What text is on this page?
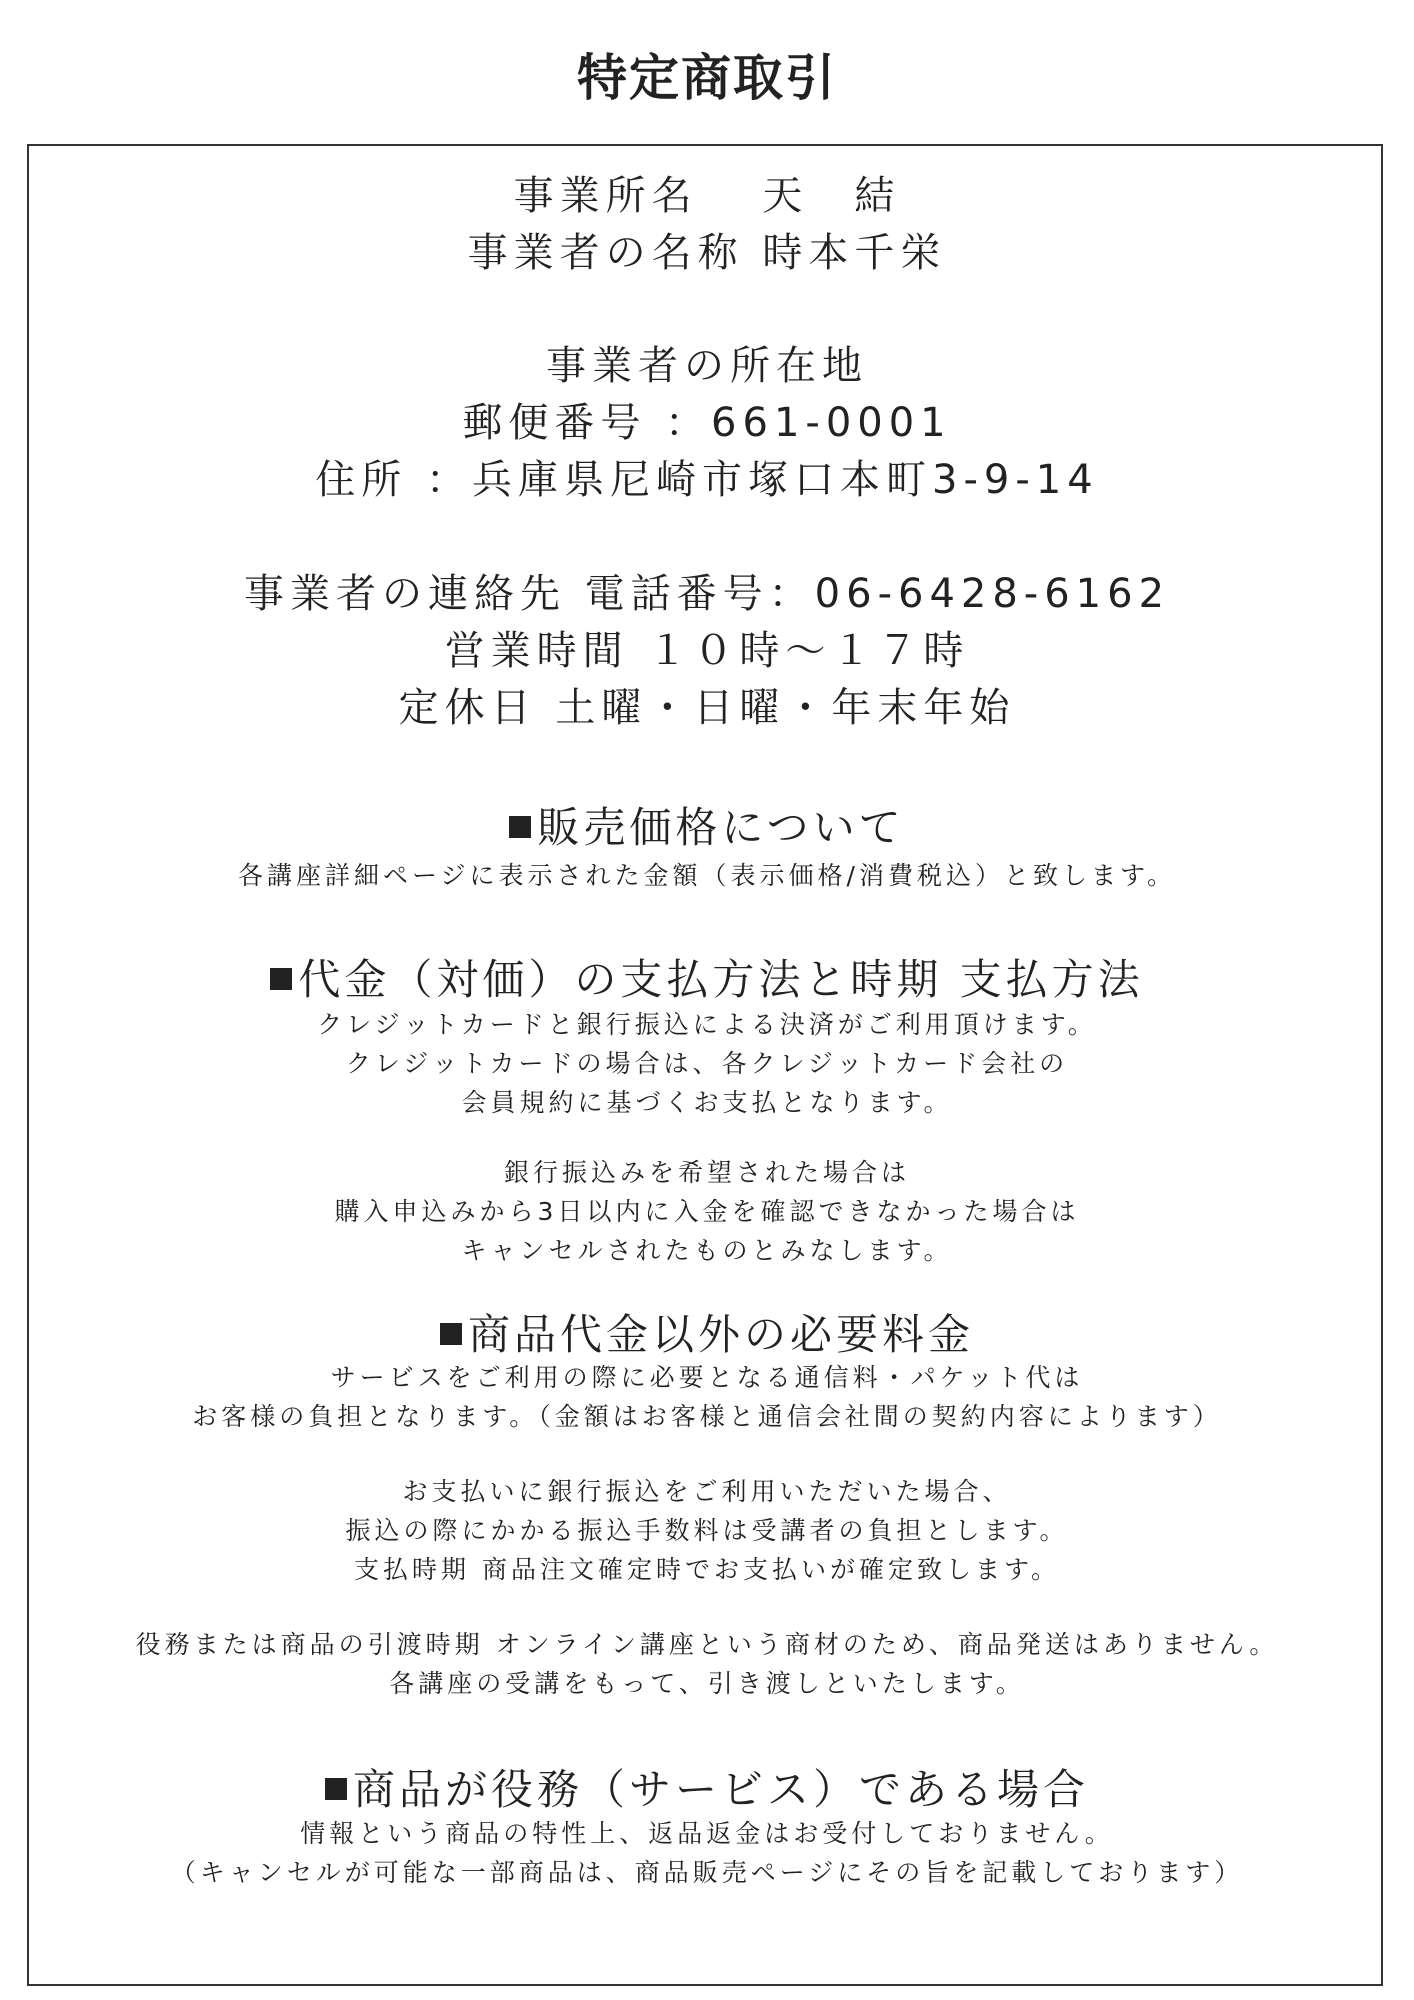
特定商取引
事業所名　 天　結
事業者の名称 時本千栄
事業者の所在地
郵便番号 ：661-0001
住所 ：兵庫県尼崎市塚口本町3-9-14
事業者の連絡先 電話番号：06-6428-6162
営業時間 １０時～１７時
定休日 土曜・日曜・年末年始
販売価格について
各講座詳細ページに表示された金額（表示価格/消費税込）と致します。
代金（対価）の支払方法と時期 支払方法
クレジットカードと銀行振込による決済がご利用頂けます。
クレジットカードの場合は、各クレジットカード会社の
会員規約に基づくお支払となります。
銀行振込みを希望された場合は
購入申込みから3日以内に入金を確認できなかった場合は
キャンセルされたものとみなします。
商品代金以外の必要料金
サービスをご利用の際に必要となる通信料・パケット代は
お客様の負担となります。（金額はお客様と通信会社間の契約内容によります）
お支払いに銀行振込をご利用いただいた場合、
振込の際にかかる振込手数料は受講者の負担とします。
支払時期 商品注文確定時でお支払いが確定致します。
役務または商品の引渡時期 オンライン講座という商材のため、商品発送はありません。
各講座の受講をもって、引き渡しといたします。
商品が役務（サービス）である場合
情報という商品の特性上、返品返金はお受付しておりません。
（キャンセルが可能な一部商品は、商品販売ページにその旨を記載しております）
